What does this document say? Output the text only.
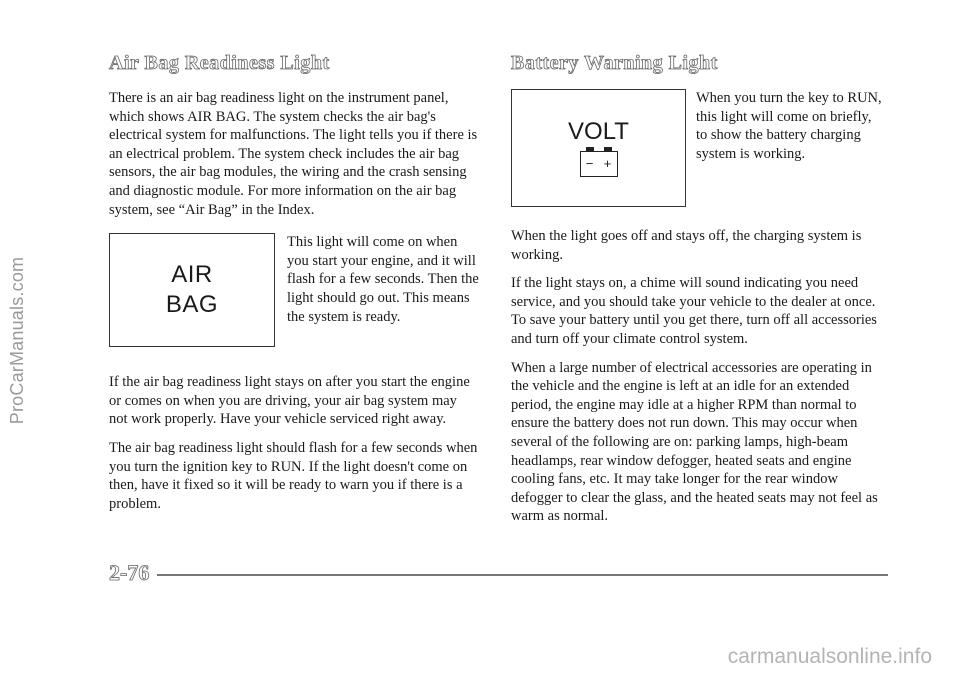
ProCarManuals.com
Air Bag Readiness Light

There is an air bag readiness light on the instrument panel, which shows AIR BAG. The system checks the air bag's electrical system for malfunctions. The light tells you if there is an electrical problem. The system check includes the air bag sensors, the air bag modules, the wiring and the crash sensing and diagnostic module. For more information on the air bag system, see “Air Bag” in the Index.

AIR
BAG
This light will come on when you start your engine, and it will flash for a few seconds. Then the light should go out. This means the system is ready.

If the air bag readiness light stays on after you start the engine or comes on when you are driving, your air bag system may not work properly. Have your vehicle serviced right away.

The air bag readiness light should flash for a few seconds when you turn the ignition key to RUN. If the light doesn't come on then, have it fixed so it will be ready to warn you if there is a problem.

Battery Warning Light
VOLT
− +
When you turn the key to RUN, this light will come on briefly, to show the battery charging system is working.

When the light goes off and stays off, the charging system is working.

If the light stays on, a chime will sound indicating you need service, and you should take your vehicle to the dealer at once. To save your battery until you get there, turn off all accessories and turn off your climate control system.

When a large number of electrical accessories are operating in the vehicle and the engine is left at an idle for an extended period, the engine may idle at a higher RPM than normal to ensure the battery does not run down. This may occur when several of the following are on: parking lamps, high-beam headlamps, rear window defogger, heated seats and engine cooling fans, etc. It may take longer for the rear window defogger to clear the glass, and the heated seats may not feel as warm as normal.

2-76
carmanualsonline.info
